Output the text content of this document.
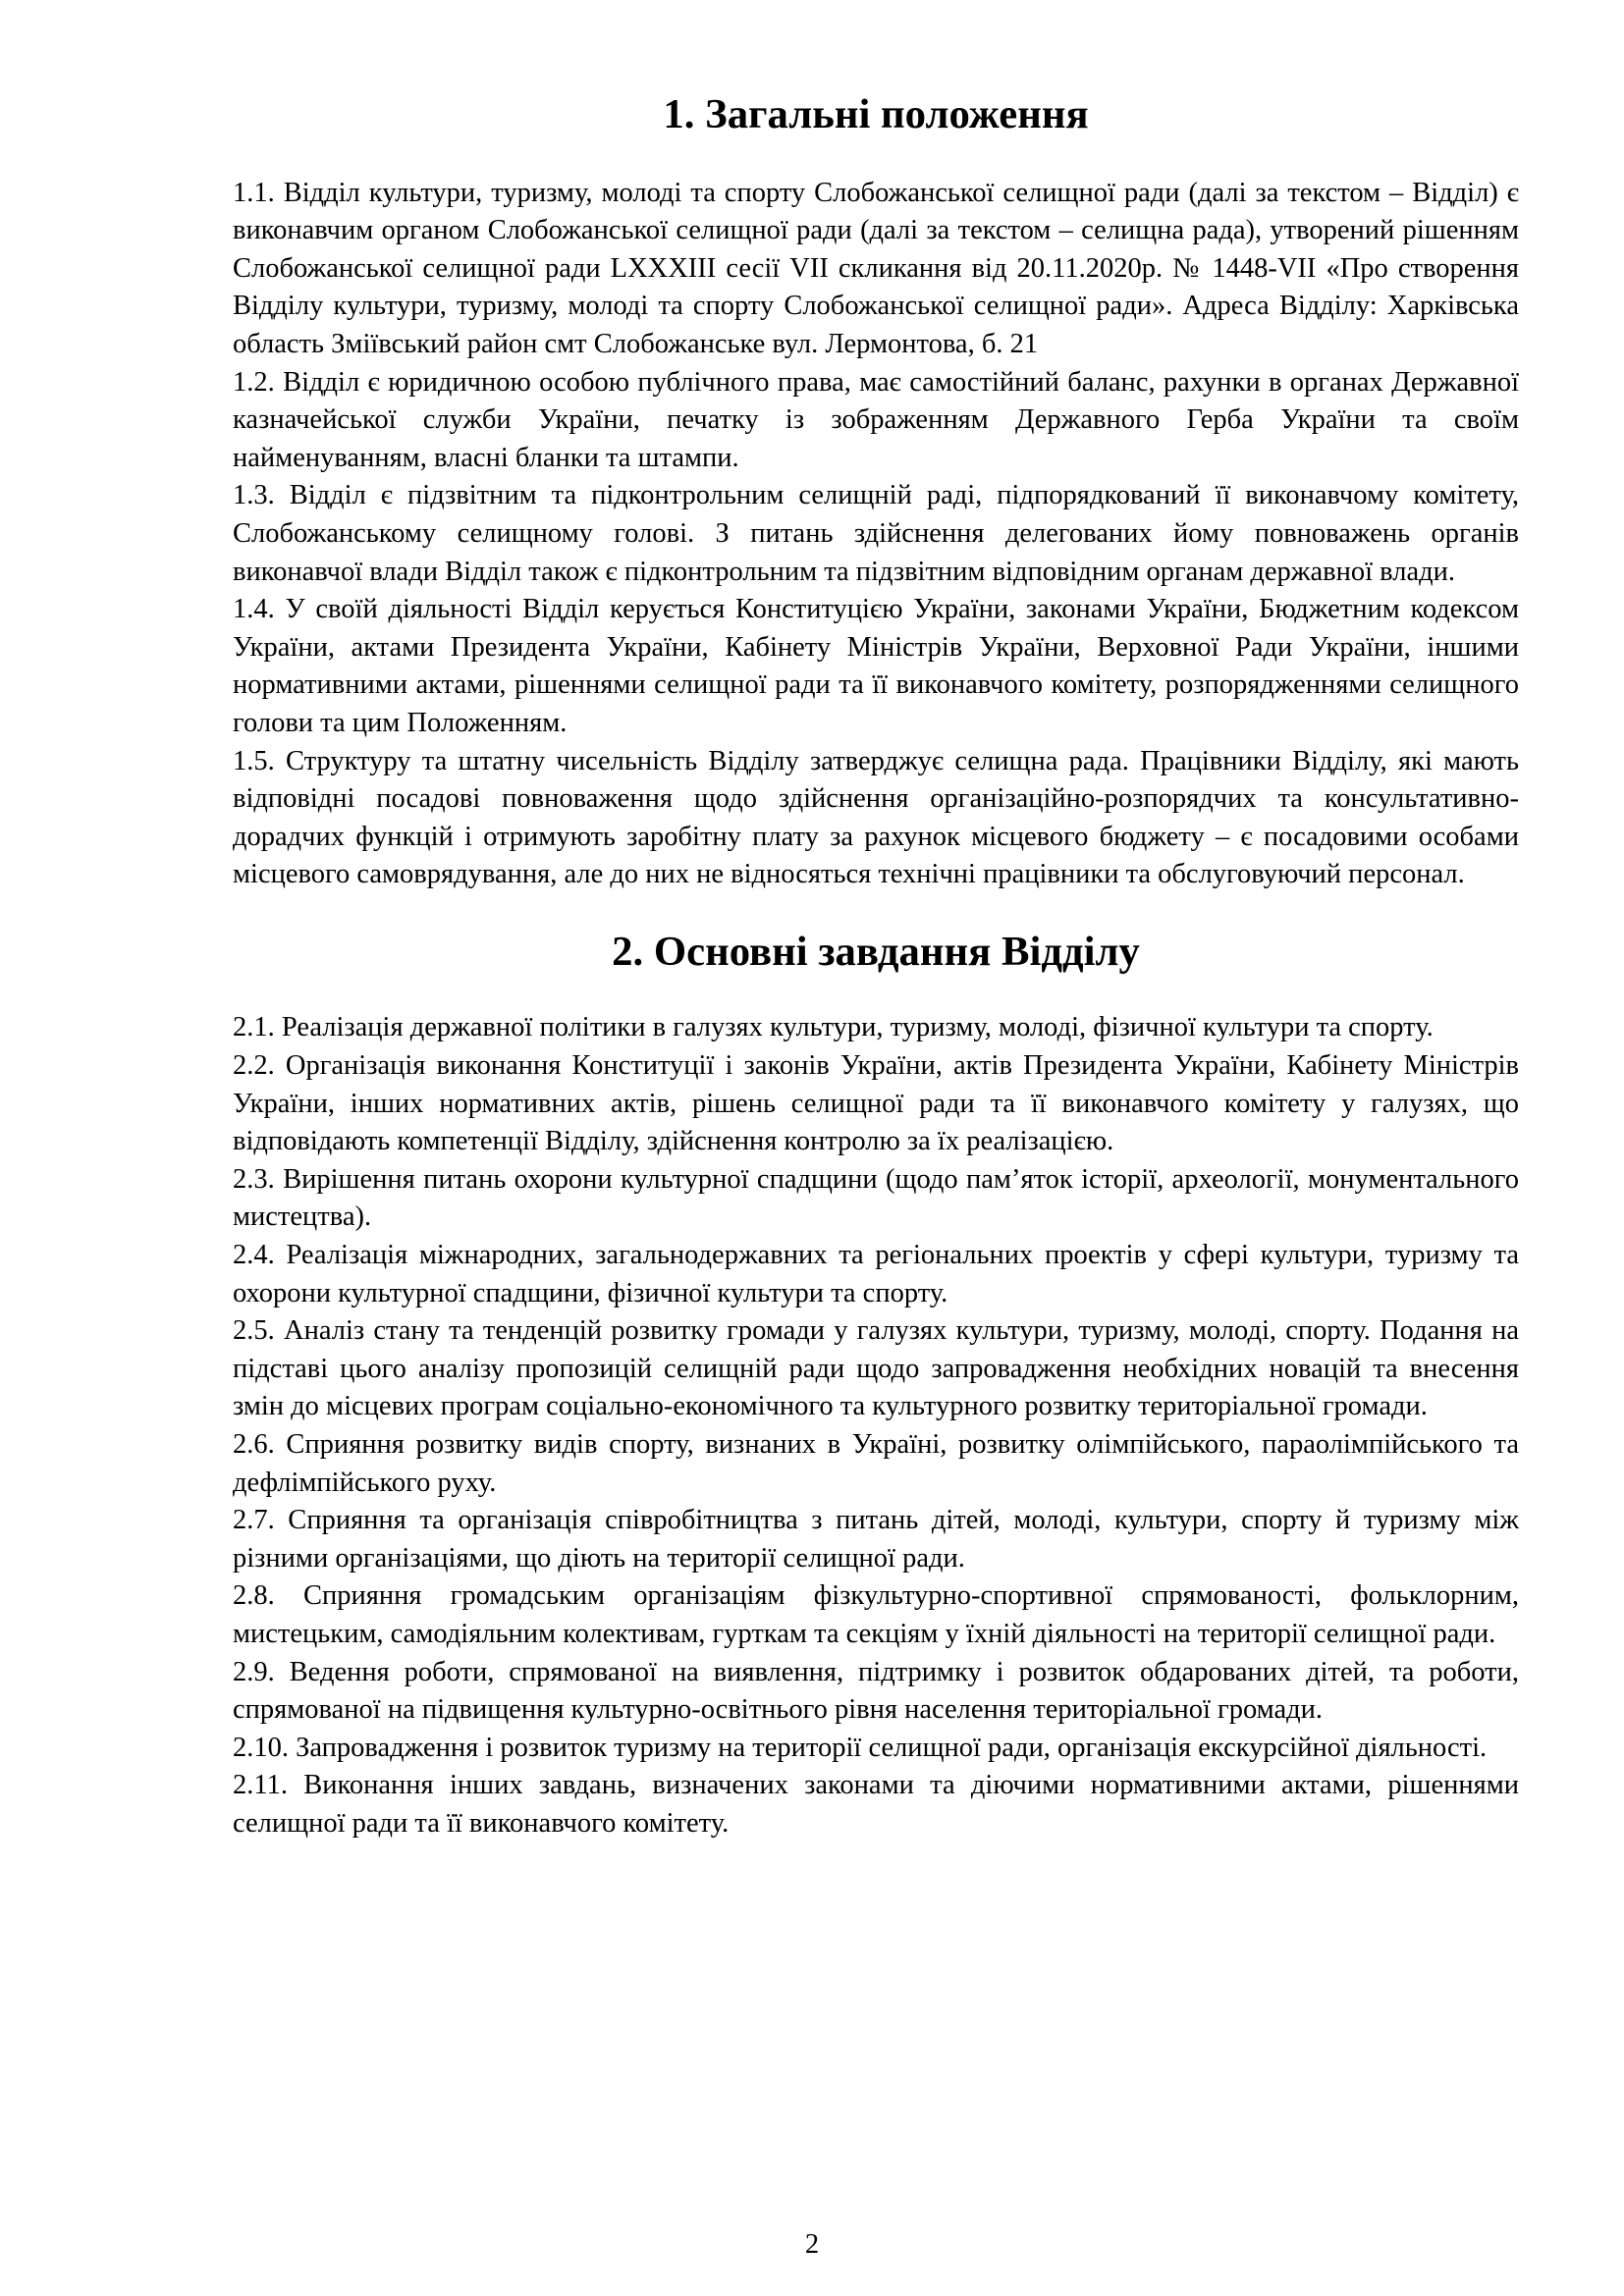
1. Загальні положення

1.1. Відділ культури, туризму, молоді та спорту Слобожанської селищної ради (далі за текстом – Відділ) є виконавчим органом Слобожанської селищної ради (далі за текстом – селищна рада), утворений рішенням Слобожанської селищної ради LXXXIII сесії VII скликання від 20.11.2020р. № 1448-VII «Про створення Відділу культури, туризму, молоді та спорту Слобожанської селищної ради». Адреса Відділу: Харківська область Зміївський район смт Слобожанське вул. Лермонтова, б. 21

1.2. Відділ є юридичною особою публічного права, має самостійний баланс, рахунки в органах Державної казначейської служби України, печатку із зображенням Державного Герба України та своїм найменуванням, власні бланки та штампи.

1.3. Відділ є підзвітним та підконтрольним селищній раді, підпорядкований її виконавчому комітету, Слобожанському селищному голові. З питань здійснення делегованих йому повноважень органів виконавчої влади Відділ також є підконтрольним та підзвітним відповідним органам державної влади.

1.4. У своїй діяльності Відділ керується Конституцією України, законами України, Бюджетним кодексом України, актами Президента України, Кабінету Міністрів України, Верховної Ради України, іншими нормативними актами, рішеннями селищної ради та її виконавчого комітету, розпорядженнями селищного голови та цим Положенням.

1.5. Структуру та штатну чисельність Відділу затверджує селищна рада. Працівники Відділу, які мають відповідні посадові повноваження щодо здійснення організаційно-розпорядчих та консультативно-дорадчих функцій і отримують заробітну плату за рахунок місцевого бюджету – є посадовими особами місцевого самоврядування, але до них не відносяться технічні працівники та обслуговуючий персонал.

2. Основні завдання Відділу

2.1. Реалізація державної політики в галузях культури, туризму, молоді, фізичної культури та спорту.

2.2. Організація виконання Конституції і законів України, актів Президента України, Кабінету Міністрів України, інших нормативних актів, рішень селищної ради та її виконавчого комітету у галузях, що відповідають компетенції Відділу, здійснення контролю за їх реалізацією.

2.3. Вирішення питань охорони культурної спадщини (щодо пам’яток історії, археології, монументального мистецтва).

2.4. Реалізація міжнародних, загальнодержавних та регіональних проектів у сфері культури, туризму та охорони культурної спадщини, фізичної культури та спорту.

2.5. Аналіз стану та тенденцій розвитку громади у галузях культури, туризму, молоді, спорту. Подання на підставі цього аналізу пропозицій селищній ради щодо запровадження необхідних новацій та внесення змін до місцевих програм соціально-економічного та культурного розвитку територіальної громади.

2.6. Сприяння розвитку видів спорту, визнаних в Україні, розвитку олімпійського, параолімпійського та дефлімпійського руху.

2.7. Сприяння та організація співробітництва з питань дітей, молоді, культури, спорту й туризму між різними організаціями, що діють на території селищної ради.

2.8. Сприяння громадським організаціям фізкультурно-спортивної спрямованості, фольклорним, мистецьким, самодіяльним колективам, гурткам та секціям у їхній діяльності на території селищної ради.

2.9. Ведення роботи, спрямованої на виявлення, підтримку і розвиток обдарованих дітей, та роботи, спрямованої на підвищення культурно-освітнього рівня населення територіальної громади.

2.10. Запровадження і розвиток туризму на території селищної ради, організація екскурсійної діяльності.

2.11. Виконання інших завдань, визначених законами та діючими нормативними актами, рішеннями селищної ради та її виконавчого комітету.

2
